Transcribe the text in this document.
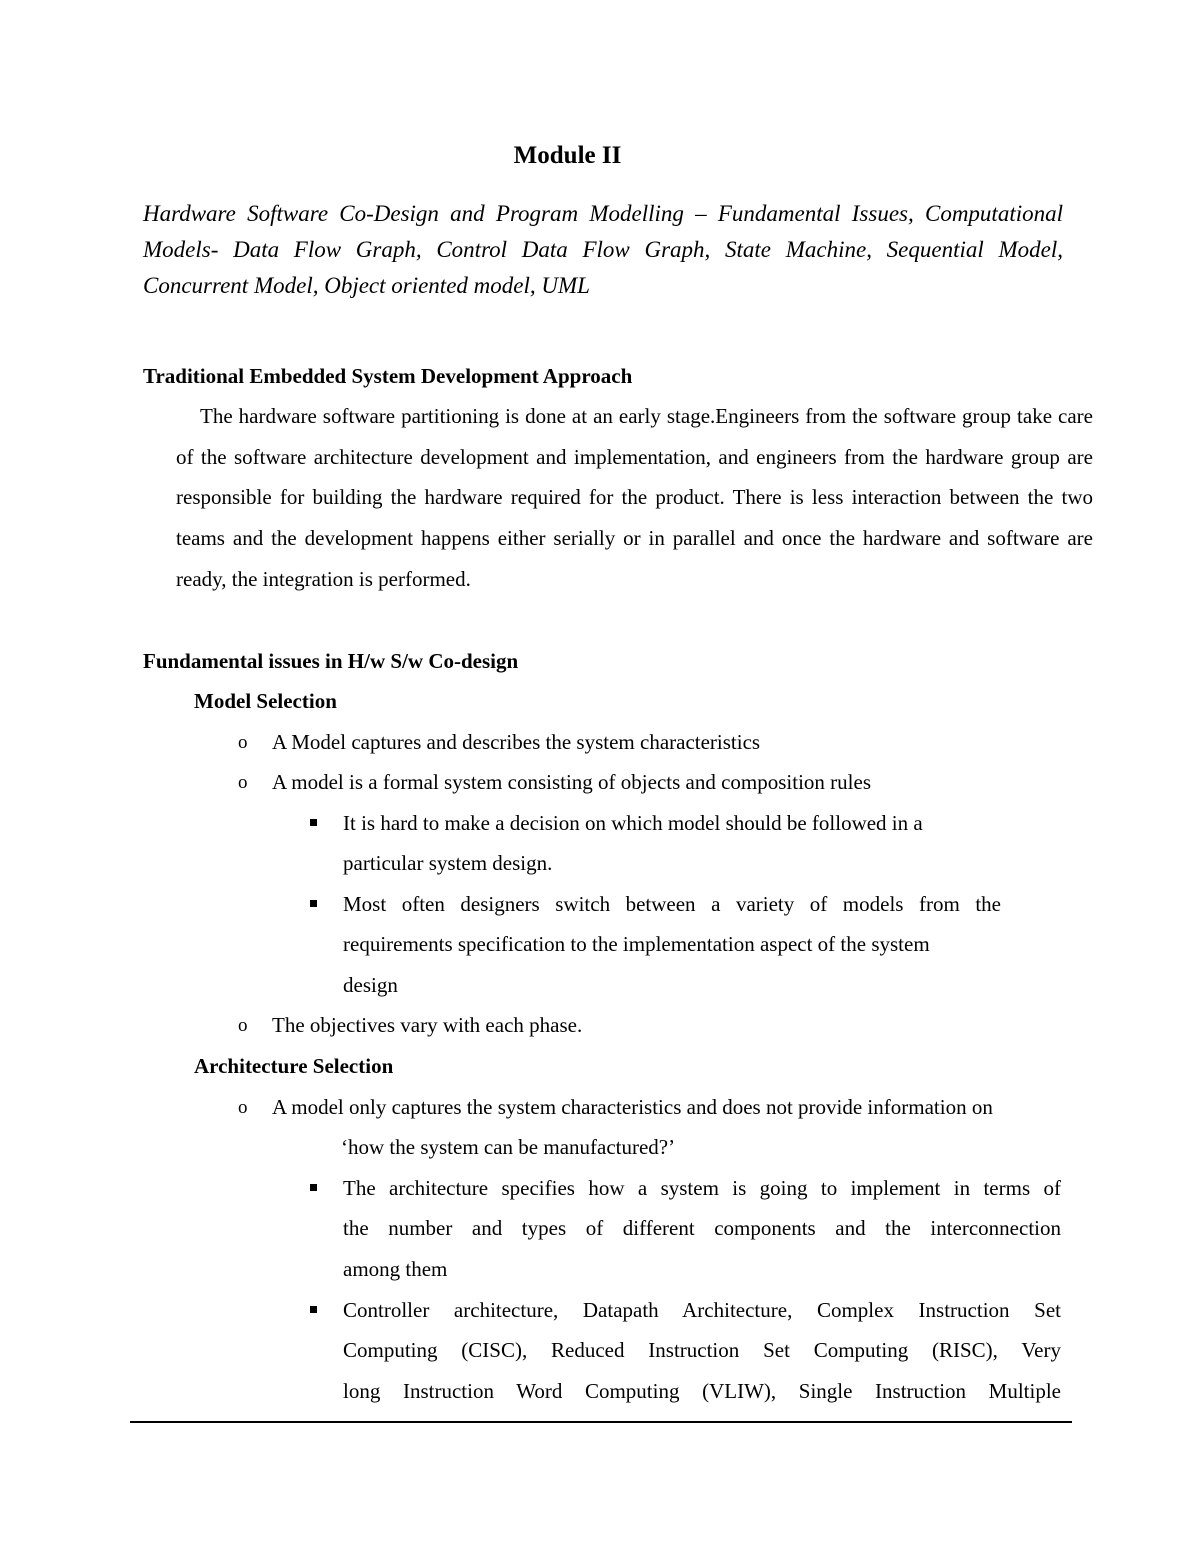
Module II

Hardware Software Co-Design and Program Modelling – Fundamental Issues, Computational Models- Data Flow Graph, Control Data Flow Graph, State Machine, Sequential Model, Concurrent Model, Object oriented model, UML

Traditional Embedded System Development Approach

The hardware software partitioning is done at an early stage.Engineers from the software group take care of the software architecture development and implementation, and engineers from the hardware group are responsible for building the hardware required for the product. There is less interaction between the two teams and the development happens either serially or in parallel and once the hardware and software are ready, the integration is performed.

Fundamental issues in H/w S/w Co-design
Model Selection
o A Model captures and describes the system characteristics
o A model is a formal system consisting of objects and composition rules
It is hard to make a decision on which model should be followed in a
particular system design.
Most often designers switch between a variety of models from the
requirements specification to the implementation aspect of the system
design
o The objectives vary with each phase.
Architecture Selection
o A model only captures the system characteristics and does not provide information on
‘how the system can be manufactured?’
The architecture specifies how a system is going to implement in terms of
the number and types of different components and the interconnection
among them
Controller architecture, Datapath Architecture, Complex Instruction Set
Computing (CISC), Reduced Instruction Set Computing (RISC), Very
long Instruction Word Computing (VLIW), Single Instruction Multiple
